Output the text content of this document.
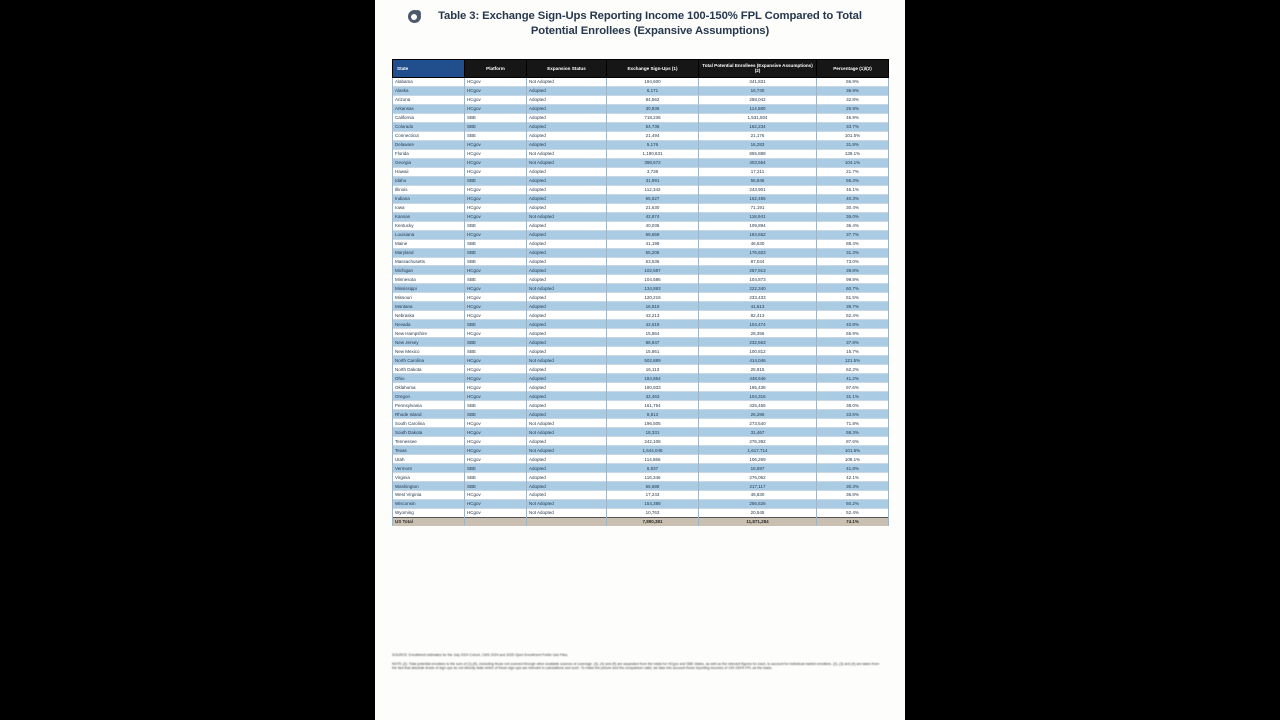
Table 3: Exchange Sign-Ups Reporting Income 100-150% FPL Compared to Total Potential Enrollees (Expansive Assumptions)
State	Platform	Expansion Status	Exchange Sign-Ups (1)	Total Potential Enrollees (Expansive Assumptions)(2)	Percentage (1)/(2)
Alabama	HCgov	Not Adopted	194,600	341,831	56.9%
Alaska	HCgov	Adopted	6,171	16,740	36.9%
Arizona	HCgov	Adopted	84,562	258,042	32.8%
Arkansas	HCgov	Adopted	30,836	114,580	26.9%
California	SBE	Adopted	718,236	1,531,504	46.9%
Colorado	SBE	Adopted	54,736	162,234	33.7%
Connecticut	SBE	Adopted	21,494	21,176	101.5%
Delaware	HCgov	Adopted	5,176	16,283	31.8%
Florida	HCgov	Not Adopted	1,190,631	855,888	139.1%
Georgia	HCgov	Not Adopted	398,672	403,554	104.1%
Hawaii	HCgov	Adopted	3,738	17,211	21.7%
Idaho	SBE	Adopted	31,991	56,846	56.3%
Illinois	HCgov	Adopted	112,342	243,901	46.1%
Indiana	HCgov	Adopted	65,527	162,455	40.3%
Iowa	HCgov	Adopted	21,630	71,191	30.4%
Kansas	HCgov	Not Adopted	42,874	118,941	36.0%
Kentucky	SBE	Adopted	40,036	109,894	36.4%
Louisiana	HCgov	Adopted	69,659	184,652	37.7%
Maine	SBE	Adopted	41,198	46,630	88.4%
Maryland	SBE	Adopted	55,206	176,603	31.3%
Massachusetts	SBE	Adopted	63,536	87,044	73.0%
Michigan	HCgov	Adopted	102,587	257,913	39.8%
Minnesota	SBE	Adopted	104,586	104,873	99.8%
Mississippi	HCgov	Not Adopted	134,893	222,340	60.7%
Missouri	HCgov	Adopted	120,216	233,433	51.5%
Montana	HCgov	Adopted	16,510	41,613	39.7%
Nebraska	HCgov	Adopted	43,213	82,413	52.4%
Nevada	SBE	Adopted	42,619	104,474	40.8%
New Hampshire	HCgov	Adopted	15,864	28,356	55.9%
New Jersey	SBE	Adopted	88,847	232,663	37.8%
New Mexico	SBE	Adopted	15,861	100,812	15.7%
North Carolina	HCgov	Not Adopted	502,889	414,046	121.5%
North Dakota	HCgov	Adopted	16,113	25,915	62.2%
Ohio	HCgov	Adopted	184,854	448,646	41.2%
Oklahoma	HCgov	Adopted	180,933	185,436	97.6%
Oregon	HCgov	Adopted	32,463	104,316	31.1%
Pennsylvania	SBE	Adopted	161,754	425,455	38.0%
Rhode Island	SBE	Adopted	8,813	26,286	33.5%
South Carolina	HCgov	Not Adopted	196,505	273,540	71.8%
South Dakota	HCgov	Not Adopted	18,331	31,467	58.3%
Tennessee	HCgov	Adopted	242,106	276,392	87.6%
Texas	HCgov	Not Adopted	1,644,046	1,617,714	101.6%
Utah	HCgov	Adopted	114,866	106,269	108.1%
Vermont	SBE	Adopted	6,937	16,597	41.8%
Virginia	SBE	Adopted	116,346	276,062	42.1%
Washington	SBE	Adopted	65,688	217,117	30.3%
West Virginia	HCgov	Adopted	17,243	46,830	36.8%
Wisconsin	HCgov	Not Adopted	154,388	256,526	60.2%
Wyoming	HCgov	Not Adopted	10,763	20,545	52.4%
US Total			7,890,381	11,871,284	74.1%
SOURCE: Enrollment estimates for the July 2024 Cohort, CMS 2024 and 2025 Open Enrollment Public Use Files.
NOTE (2): Total potential enrollees is the sum of (1)-(5), excluding those not covered through other available sources of coverage. (3), (4) and (5) are separated from the totals for HCgov and SBE states, as well as the relevant figures for each, to account for individual market enrollees. (2), (3) and (4) are taken from the fact that absolute levels of sign-ups do not directly state which of those sign-ups are relevant in calculations and such. To make the picture and the comparison valid, we take into account those reporting incomes of 100-150% FPL as the basis.
